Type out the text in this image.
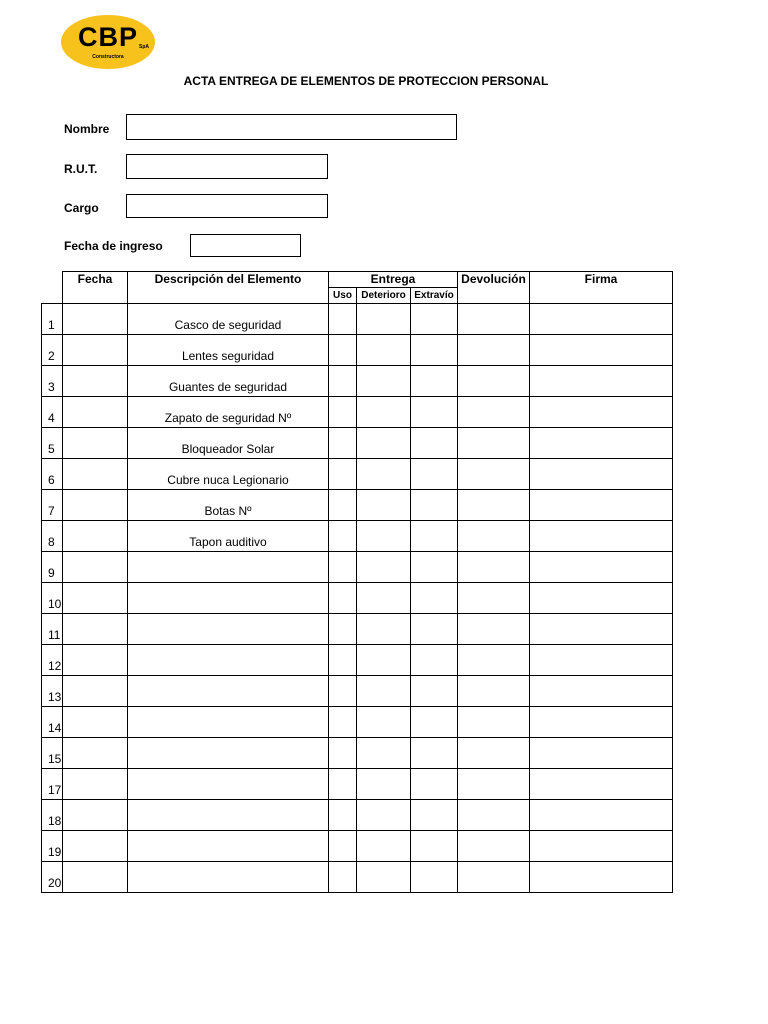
CBP SpA
Constructora
ACTA ENTREGA DE ELEMENTOS DE PROTECCION PERSONAL
Nombre
R.U.T.
Cargo
Fecha de ingreso
	Fecha	Descripción del Elemento	Entrega			Devolución	Firma
			Uso	Deterioro	Extravío		
1		Casco de seguridad					
2		Lentes seguridad					
3		Guantes de seguridad					
4		Zapato de seguridad Nº					
5		Bloqueador Solar					
6		Cubre nuca Legionario					
7		Botas Nº					
8		Tapon auditivo					
9							
10							
11							
12							
13							
14							
15							
17							
18							
19							
20							
